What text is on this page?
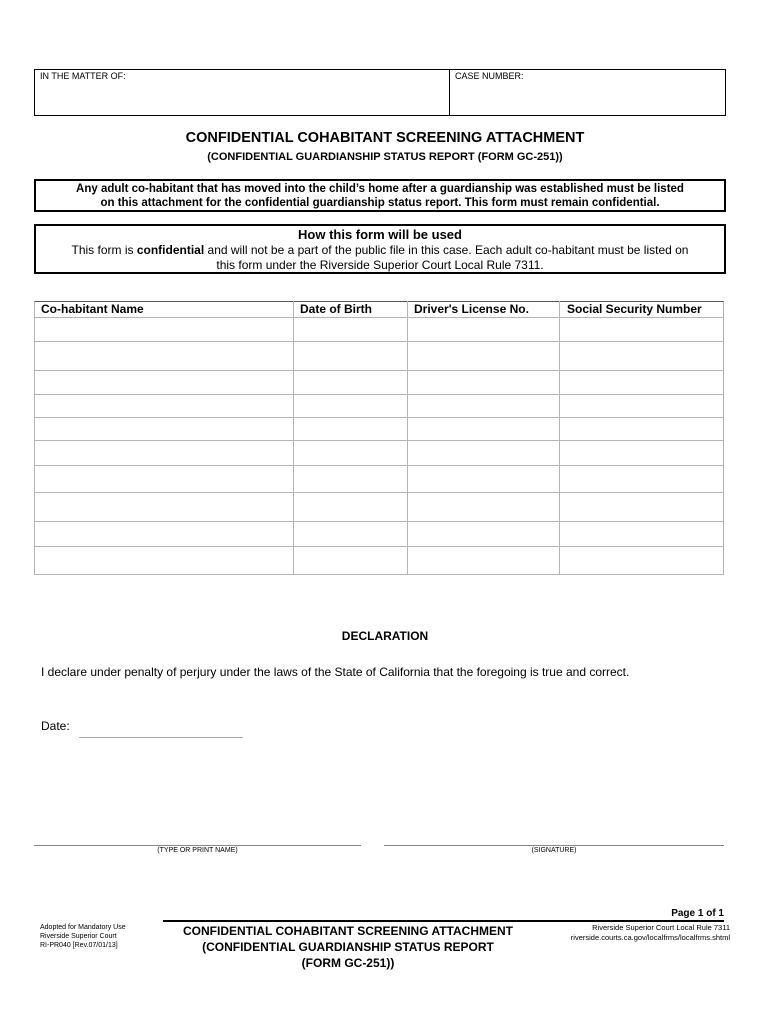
IN THE MATTER OF:	CASE NUMBER:
CONFIDENTIAL COHABITANT SCREENING ATTACHMENT
(CONFIDENTIAL GUARDIANSHIP STATUS REPORT (FORM GC-251))
Any adult co-habitant that has moved into the child’s home after a guardianship was established must be listed
on this attachment for the confidential guardianship status report. This form must remain confidential.
How this form will be used
This form is confidential and will not be a part of the public file in this case. Each adult co-habitant must be listed on
this form under the Riverside Superior Court Local Rule 7311.
Co-habitant Name	Date of Birth	Driver's License No.	Social Security Number
DECLARATION
I declare under penalty of perjury under the laws of the State of California that the foregoing is true and correct.
Date:
(TYPE OR PRINT NAME)	(SIGNATURE)
Page 1 of 1
Adopted for Mandatory Use
Riverside Superior Court
RI-PR040 [Rev.07/01/13]
CONFIDENTIAL COHABITANT SCREENING ATTACHMENT
(CONFIDENTIAL GUARDIANSHIP STATUS REPORT
(FORM GC-251))
Riverside Superior Court Local Rule 7311
riverside.courts.ca.gov/localfrms/localfrms.shtml
